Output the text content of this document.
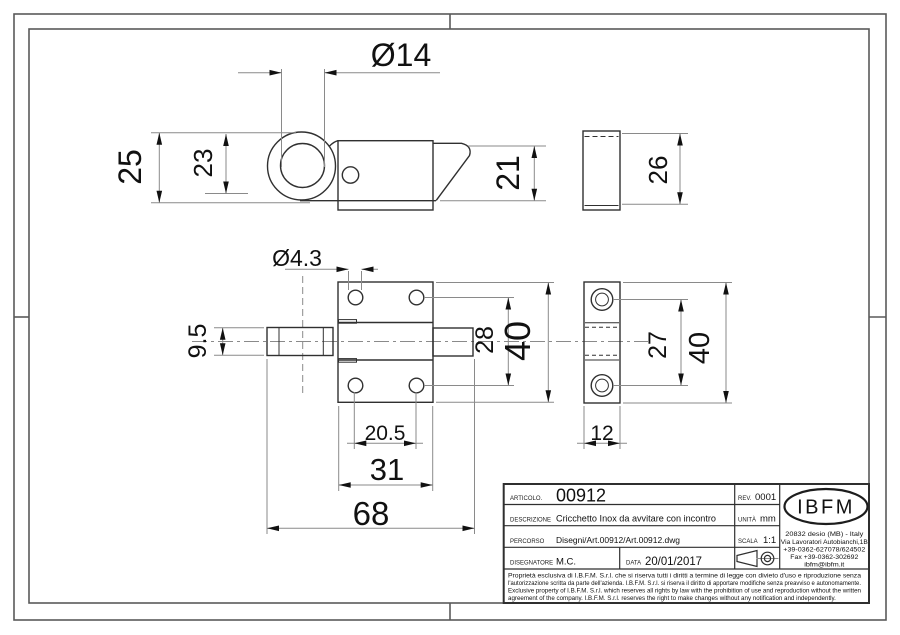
Ø14
25 23	21	26
Ø4.3
9.5	28
40	27 40
20.5
31
68
12
ARTICOLO. 00912	REV. 0001
DESCRIZIONE Cricchetto Inox da avvitare con incontro	UNITÀ mm
PERCORSO Disegni/Art.00912/Art.00912.dwg	SCALA 1:1
DISEGNATORE M.C.	DATA 20/01/2017
IBFM
20832 desio (MB) - Italy
Via Lavoratori Autobianchi,1B
+39-0362-627078/624502
Fax +39-0362-302692
ibfm@ibfm.it
Proprietà esclusiva di I.B.F.M. S.r.l. che si riserva tutti i diritti a termine di legge con divieto d'uso e riproduzione senza
l'autorizzazione scritta da parte dell'azienda. I.B.F.M. S.r.l. si riserva il diritto di apportare modifiche senza preavviso e autonomamente.
Exclusive property of I.B.F.M. S.r.l. which reserves all rights by law with the prohibition of use and reproduction without the written
agreement of the company. I.B.F.M. S.r.l. reserves the right to make changes without any notification and independently.
